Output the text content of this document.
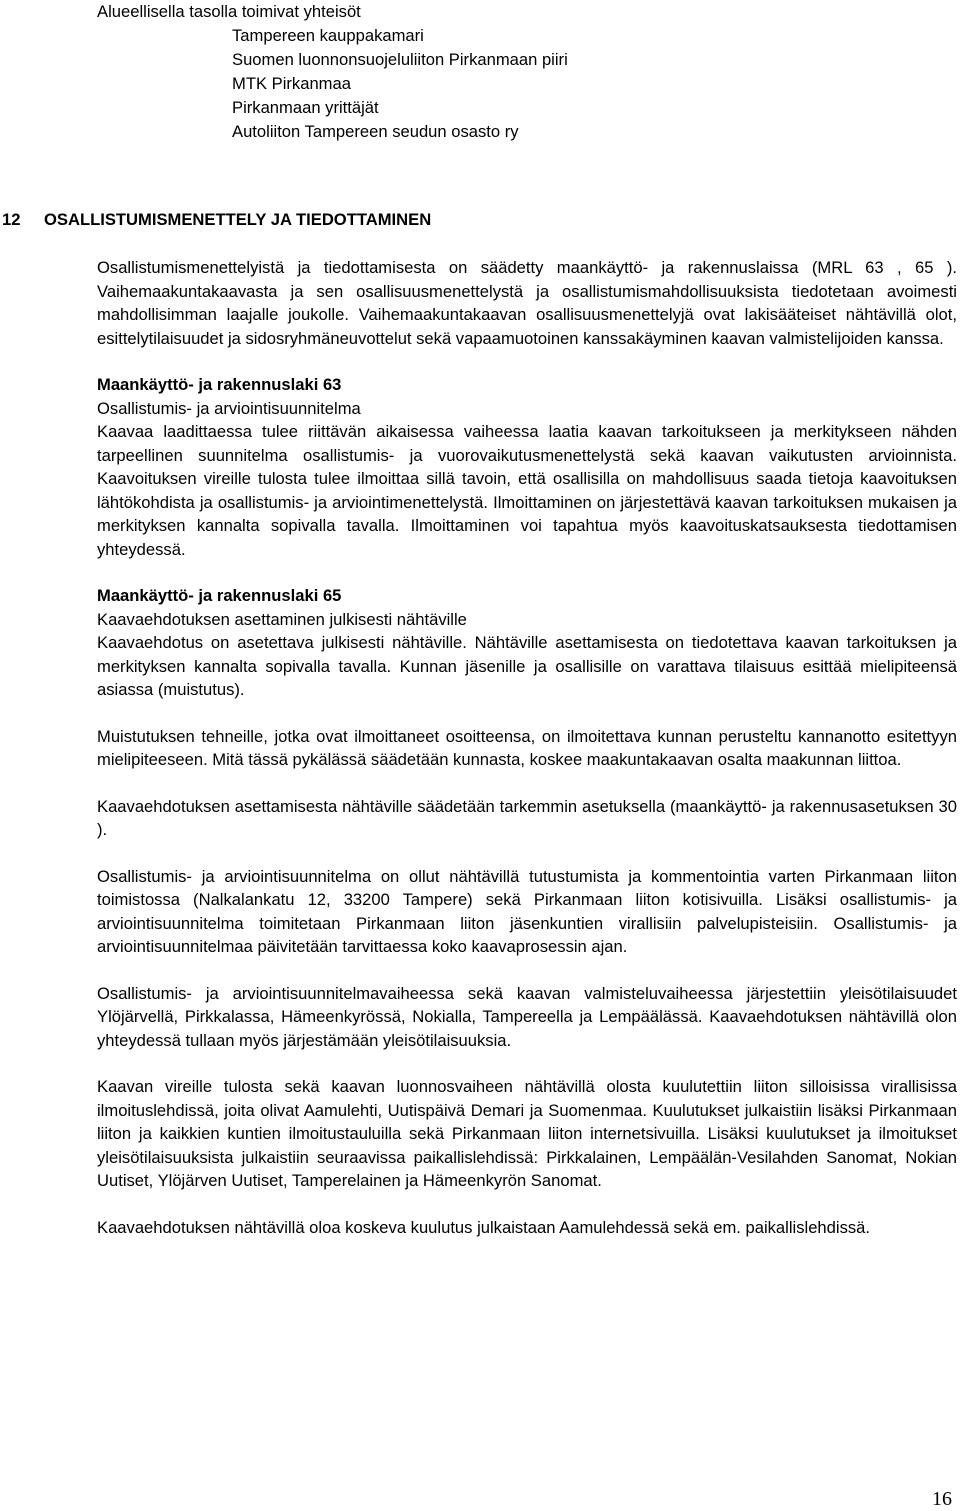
Alueellisella tasolla toimivat yhteisöt
Tampereen kauppakamari
Suomen luonnonsuojeluliiton Pirkanmaan piiri
MTK Pirkanmaa
Pirkanmaan yrittäjät
Autoliiton Tampereen seudun osasto ry
12 OSALLISTUMISMENETTELY JA TIEDOTTAMINEN

Osallistumismenettelyistä ja tiedottamisesta on säädetty maankäyttö- ja rakennuslaissa (MRL 63 , 65 ). Vaihemaakuntakaavasta ja sen osallisuusmenettelystä ja osallistumismahdollisuuksista tiedotetaan avoimesti mahdollisimman laajalle joukolle. Vaihemaakuntakaavan osallisuusmenettelyjä ovat lakisääteiset nähtävillä olot, esittelytilaisuudet ja sidosryhmäneuvottelut sekä vapaamuotoinen kanssakäyminen kaavan valmistelijoiden kanssa.

Maankäyttö- ja rakennuslaki 63

Osallistumis- ja arviointisuunnitelma

Kaavaa laadittaessa tulee riittävän aikaisessa vaiheessa laatia kaavan tarkoitukseen ja merkitykseen nähden tarpeellinen suunnitelma osallistumis- ja vuorovaikutusmenettelystä sekä kaavan vaikutusten arvioinnista. Kaavoituksen vireille tulosta tulee ilmoittaa sillä tavoin, että osallisilla on mahdollisuus saada tietoja kaavoituksen lähtökohdista ja osallistumis- ja arviointimenettelystä. Ilmoittaminen on järjestettävä kaavan tarkoituksen mukaisen ja merkityksen kannalta sopivalla tavalla. Ilmoittaminen voi tapahtua myös kaavoituskatsauksesta tiedottamisen yhteydessä.

Maankäyttö- ja rakennuslaki 65

Kaavaehdotuksen asettaminen julkisesti nähtäville

Kaavaehdotus on asetettava julkisesti nähtäville. Nähtäville asettamisesta on tiedotettava kaavan tarkoituksen ja merkityksen kannalta sopivalla tavalla. Kunnan jäsenille ja osallisille on varattava tilaisuus esittää mielipiteensä asiassa (muistutus).

Muistutuksen tehneille, jotka ovat ilmoittaneet osoitteensa, on ilmoitettava kunnan perusteltu kannanotto esitettyyn mielipiteeseen. Mitä tässä pykälässä säädetään kunnasta, koskee maakuntakaavan osalta maakunnan liittoa.

Kaavaehdotuksen asettamisesta nähtäville säädetään tarkemmin asetuksella (maankäyttö- ja rakennusasetuksen 30 ).

Osallistumis- ja arviointisuunnitelma on ollut nähtävillä tutustumista ja kommentointia varten Pirkanmaan liiton toimistossa (Nalkalankatu 12, 33200 Tampere) sekä Pirkanmaan liiton kotisivuilla. Lisäksi osallistumis- ja arviointisuunnitelma toimitetaan Pirkanmaan liiton jäsenkuntien virallisiin palvelupisteisiin. Osallistumis- ja arviointisuunnitelmaa päivitetään tarvittaessa koko kaavaprosessin ajan.

Osallistumis- ja arviointisuunnitelmavaiheessa sekä kaavan valmisteluvaiheessa järjestettiin yleisötilaisuudet Ylöjärvellä, Pirkkalassa, Hämeenkyrössä, Nokialla, Tampereella ja Lempäälässä. Kaavaehdotuksen nähtävillä olon yhteydessä tullaan myös järjestämään yleisötilaisuuksia.

Kaavan vireille tulosta sekä kaavan luonnosvaiheen nähtävillä olosta kuulutettiin liiton silloisissa virallisissa ilmoituslehdissä, joita olivat Aamulehti, Uutispäivä Demari ja Suomenmaa. Kuulutukset julkaistiin lisäksi Pirkanmaan liiton ja kaikkien kuntien ilmoitustauluilla sekä Pirkanmaan liiton internetsivuilla. Lisäksi kuulutukset ja ilmoitukset yleisötilaisuuksista julkaistiin seuraavissa paikallislehdissä: Pirkkalainen, Lempäälän-Vesilahden Sanomat, Nokian Uutiset, Ylöjärven Uutiset, Tamperelainen ja Hämeenkyrön Sanomat.

Kaavaehdotuksen nähtävillä oloa koskeva kuulutus julkaistaan Aamulehdessä sekä em. paikallislehdissä.

16
